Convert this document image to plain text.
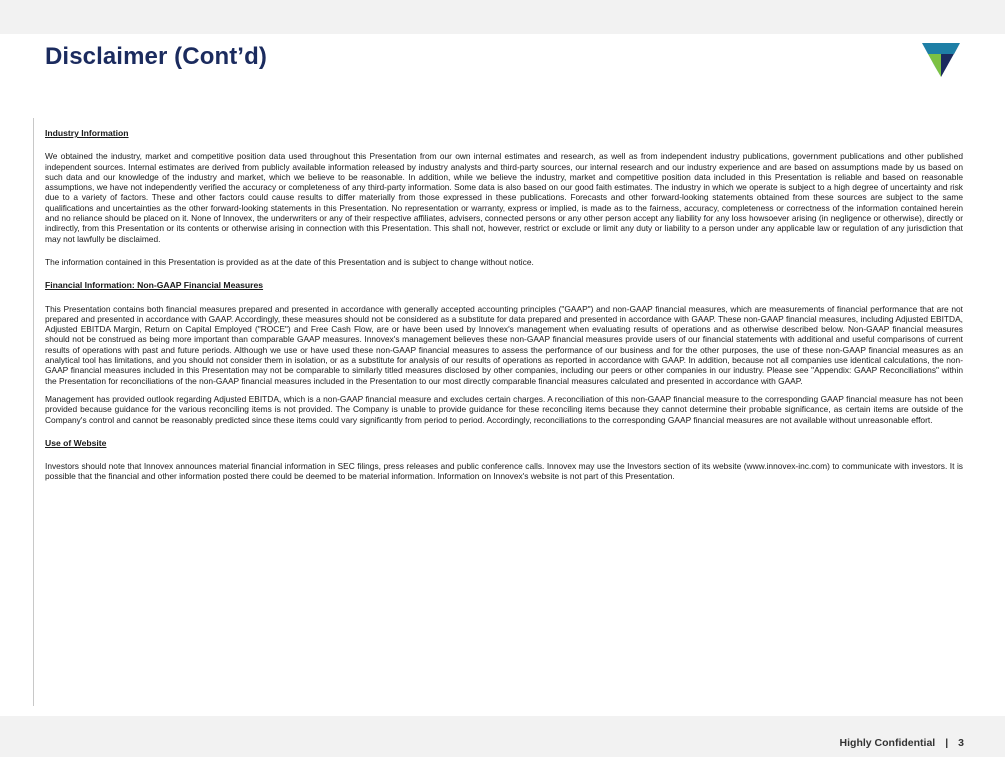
Disclaimer (Cont’d)

Industry Information

We obtained the industry, market and competitive position data used throughout this Presentation from our own internal estimates and research, as well as from independent industry publications, government publications and other published independent sources. Internal estimates are derived from publicly available information released by industry analysts and third-party sources, our internal research and our industry experience and are based on assumptions made by us based on such data and our knowledge of the industry and market, which we believe to be reasonable. In addition, while we believe the industry, market and competitive position data included in this Presentation is reliable and based on reasonable assumptions, we have not independently verified the accuracy or completeness of any third-party information. Some data is also based on our good faith estimates. The industry in which we operate is subject to a high degree of uncertainty and risk due to a variety of factors. These and other factors could cause results to differ materially from those expressed in these publications. Forecasts and other forward-looking statements obtained from these sources are subject to the same qualifications and uncertainties as the other forward-looking statements in this Presentation. No representation or warranty, express or implied, is made as to the fairness, accuracy, completeness or correctness of the information contained herein and no reliance should be placed on it. None of Innovex, the underwriters or any of their respective affiliates, advisers, connected persons or any other person accept any liability for any loss howsoever arising (in negligence or otherwise), directly or indirectly, from this Presentation or its contents or otherwise arising in connection with this Presentation. This shall not, however, restrict or exclude or limit any duty or liability to a person under any applicable law or regulation of any jurisdiction that may not lawfully be disclaimed.

The information contained in this Presentation is provided as at the date of this Presentation and is subject to change without notice.

Financial Information: Non-GAAP Financial Measures

This Presentation contains both financial measures prepared and presented in accordance with generally accepted accounting principles ("GAAP") and non-GAAP financial measures, which are measurements of financial performance that are not prepared and presented in accordance with GAAP. Accordingly, these measures should not be considered as a substitute for data prepared and presented in accordance with GAAP. These non-GAAP financial measures, including Adjusted EBITDA, Adjusted EBITDA Margin, Return on Capital Employed ("ROCE") and Free Cash Flow, are or have been used by Innovex's management when evaluating results of operations and as otherwise described below. Non-GAAP financial measures should not be construed as being more important than comparable GAAP measures. Innovex's management believes these non-GAAP financial measures provide users of our financial statements with additional and useful comparisons of current results of operations with past and future periods. Although we use or have used these non-GAAP financial measures to assess the performance of our business and for the other purposes, the use of these non-GAAP financial measures as an analytical tool has limitations, and you should not consider them in isolation, or as a substitute for analysis of our results of operations as reported in accordance with GAAP. In addition, because not all companies use identical calculations, the non-GAAP financial measures included in this Presentation may not be comparable to similarly titled measures disclosed by other companies, including our peers or other companies in our industry. Please see "Appendix: GAAP Reconciliations" within the Presentation for reconciliations of the non-GAAP financial measures included in the Presentation to our most directly comparable financial measures calculated and presented in accordance with GAAP.

Management has provided outlook regarding Adjusted EBITDA, which is a non-GAAP financial measure and excludes certain charges. A reconciliation of this non-GAAP financial measure to the corresponding GAAP financial measure has not been provided because guidance for the various reconciling items is not provided. The Company is unable to provide guidance for these reconciling items because they cannot determine their probable significance, as certain items are outside of the Company's control and cannot be reasonably predicted since these items could vary significantly from period to period. Accordingly, reconciliations to the corresponding GAAP financial measures are not available without unreasonable effort.

Use of Website

Investors should note that Innovex announces material financial information in SEC filings, press releases and public conference calls. Innovex may use the Investors section of its website (www.innovex-inc.com) to communicate with investors. It is possible that the financial and other information posted there could be deemed to be material information. Information on Innovex's website is not part of this Presentation.

Highly Confidential | 3
